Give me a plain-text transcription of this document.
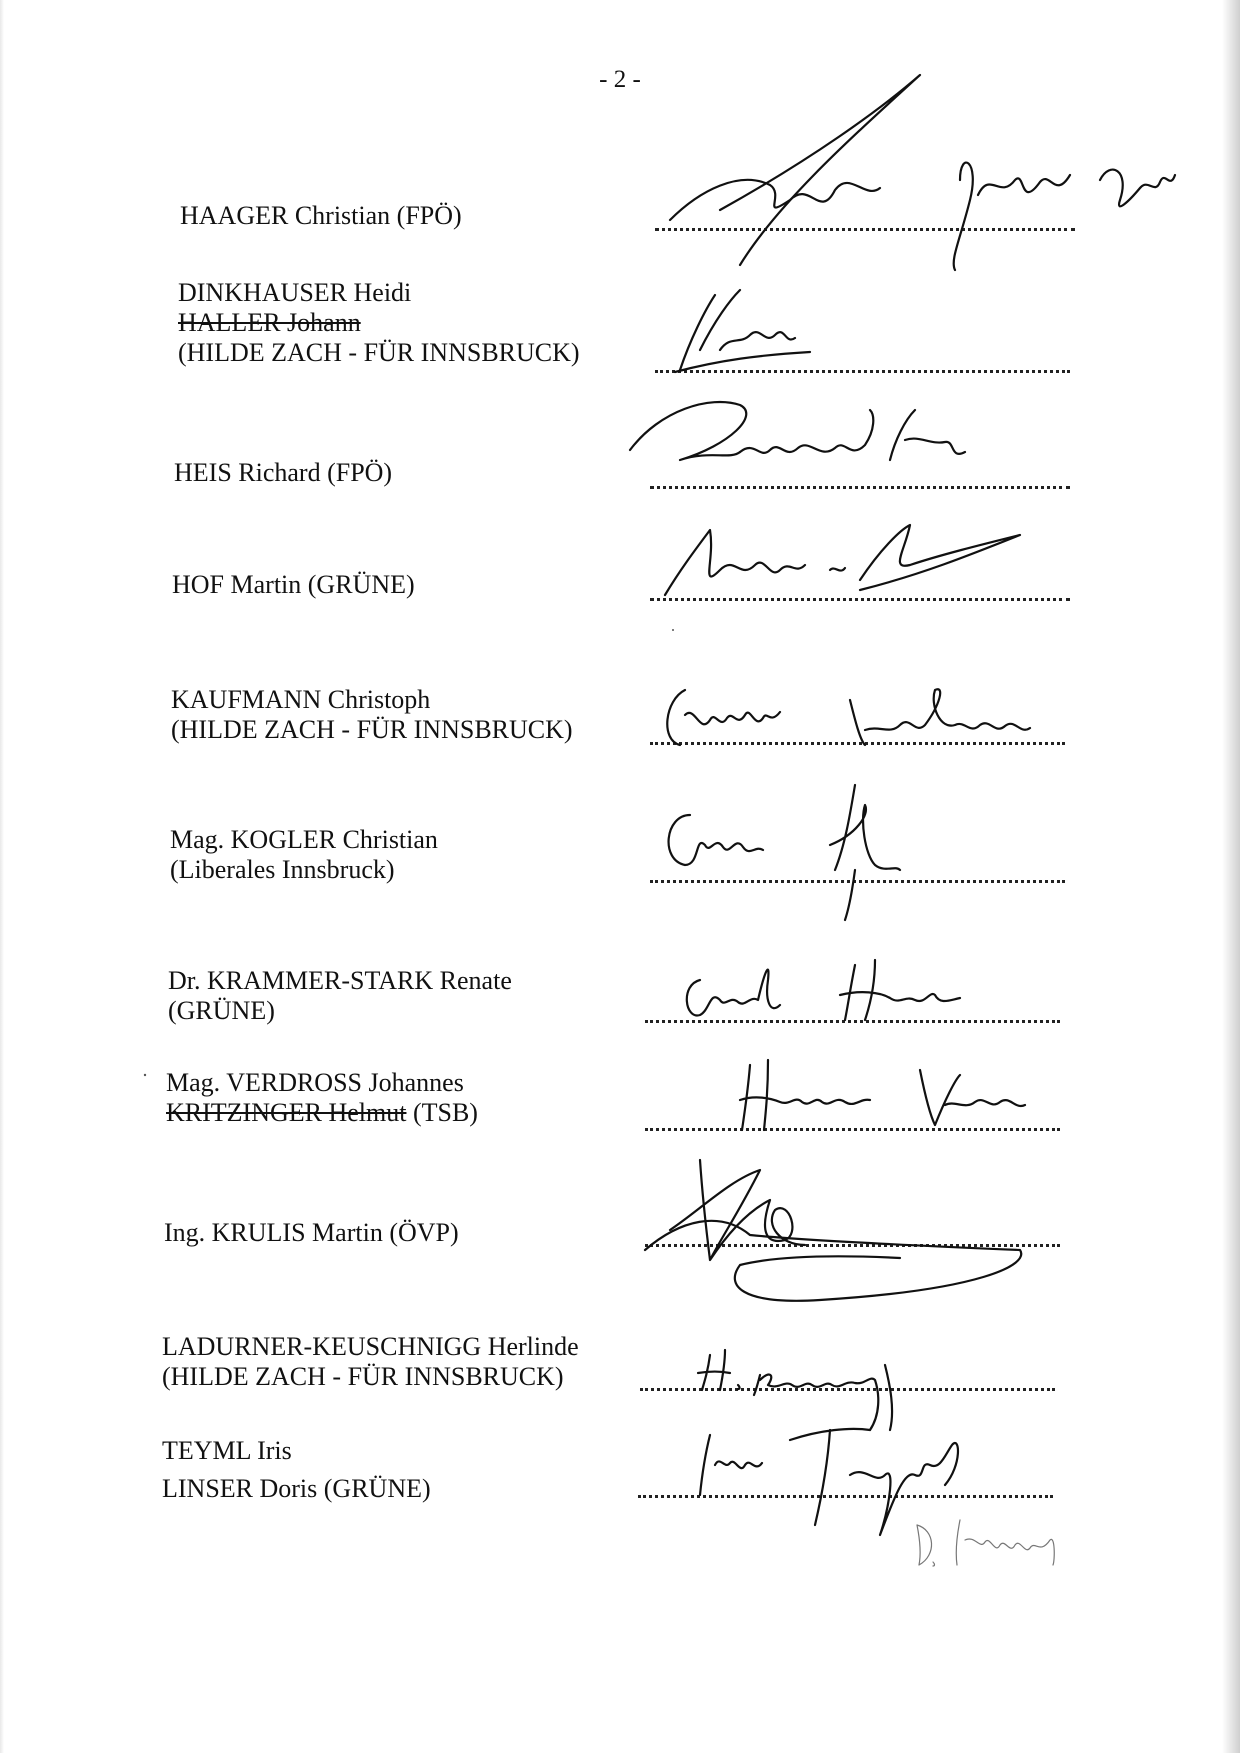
- 2 -
HAAGER Christian (FPÖ)
DINKHAUSER Heidi
HALLER Johann
(HILDE ZACH - FÜR INNSBRUCK)
HEIS Richard (FPÖ)
HOF Martin (GRÜNE)
KAUFMANN Christoph
(HILDE ZACH - FÜR INNSBRUCK)
Mag. KOGLER Christian
(Liberales Innsbruck)
Dr. KRAMMER-STARK Renate
(GRÜNE)
Mag. VERDROSS Johannes
KRITZINGER Helmut (TSB)
Ing. KRULIS Martin (ÖVP)
LADURNER-KEUSCHNIGG Herlinde
(HILDE ZACH - FÜR INNSBRUCK)
TEYML Iris
LINSER Doris (GRÜNE)
